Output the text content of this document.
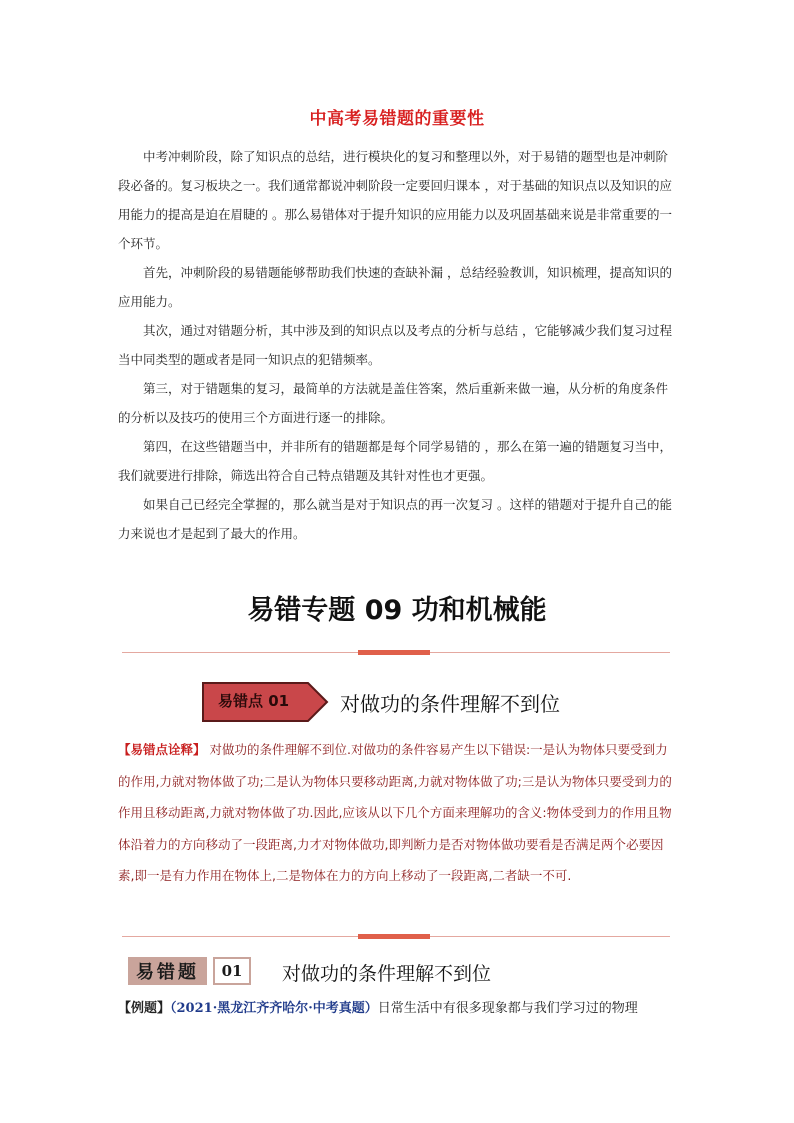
中高考易错题的重要性

中考冲刺阶段，除了知识点的总结，进行模块化的复习和整理以外，对于易错的题型也是冲刺阶段必备的。复习板块之一。我们通常都说冲刺阶段一定要回归课本 ，对于基础的知识点以及知识的应用能力的提高是迫在眉睫的 。那么易错体对于提升知识的应用能力以及巩固基础来说是非常重要的一个环节。

首先，冲刺阶段的易错题能够帮助我们快速的查缺补漏 ，总结经验教训，知识梳理，提高知识的应用能力。

其次，通过对错题分析，其中涉及到的知识点以及考点的分析与总结 ，它能够减少我们复习过程当中同类型的题或者是同一知识点的犯错频率。

第三，对于错题集的复习，最简单的方法就是盖住答案，然后重新来做一遍，从分析的角度条件的分析以及技巧的使用三个方面进行逐一的排除。

第四，在这些错题当中，并非所有的错题都是每个同学易错的 ，那么在第一遍的错题复习当中，我们就要进行排除，筛选出符合自己特点错题及其针对性也才更强。

如果自己已经完全掌握的，那么就当是对于知识点的再一次复习 。这样的错题对于提升自己的能力来说也才是起到了最大的作用。

易错专题 09 功和机械能
易错点 01	对做功的条件理解不到位
【易错点诠释】 对做功的条件理解不到位.对做功的条件容易产生以下错误:一是认为物体只要受到力的作用,力就对物体做了功;二是认为物体只要移动距离,力就对物体做了功;三是认为物体只要受到力的作用且移动距离,力就对物体做了功.因此,应该从以下几个方面来理解功的含义:物体受到力的作用且物体沿着力的方向移动了一段距离,力才对物体做功,即判断力是否对物体做功要看是否满足两个必要因素,即一是有力作用在物体上,二是物体在力的方向上移动了一段距离,二者缺一不可.
易错题	01	对做功的条件理解不到位
【例题】（2021·黑龙江齐齐哈尔·中考真题）日常生活中有很多现象都与我们学习过的物理
